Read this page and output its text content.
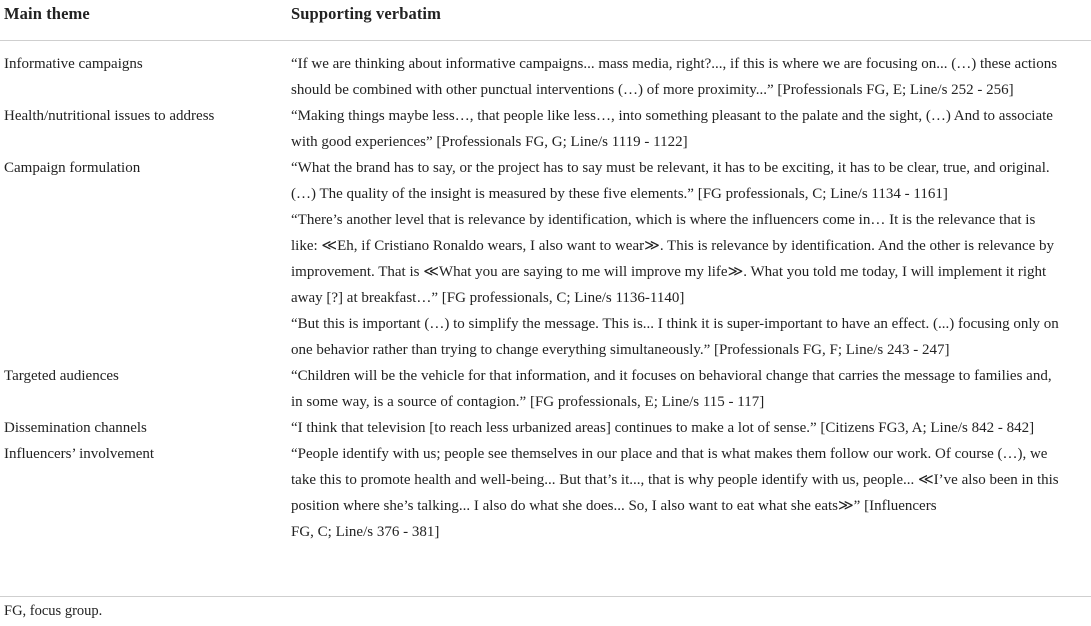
Main theme	Supporting verbatim
Informative campaigns	“If we are thinking about informative campaigns... mass media, right?..., if this is where we are focusing on... (…) these actions
should be combined with other punctual interventions (…) of more proximity...” [Professionals FG, E; Line/s 252 - 256]
Health/nutritional issues to address	“Making things maybe less…, that people like less…, into something pleasant to the palate and the sight, (…) And to associate
with good experiences” [Professionals FG, G; Line/s 1119 - 1122]
Campaign formulation	“What the brand has to say, or the project has to say must be relevant, it has to be exciting, it has to be clear, true, and original.
(…) The quality of the insight is measured by these five elements.” [FG professionals, C; Line/s 1134 - 1161]
“There’s another level that is relevance by identification, which is where the influencers come in… It is the relevance that is
like: ≪Eh, if Cristiano Ronaldo wears, I also want to wear≫. This is relevance by identification. And the other is relevance by
improvement. That is ≪What you are saying to me will improve my life≫. What you told me today, I will implement it right
away [?] at breakfast…” [FG professionals, C; Line/s 1136-1140]
“But this is important (…) to simplify the message. This is... I think it is super-important to have an effect. (...) focusing only on
one behavior rather than trying to change everything simultaneously.” [Professionals FG, F; Line/s 243 - 247]
Targeted audiences	“Children will be the vehicle for that information, and it focuses on behavioral change that carries the message to families and,
in some way, is a source of contagion.” [FG professionals, E; Line/s 115 - 117]
Dissemination channels	“I think that television [to reach less urbanized areas] continues to make a lot of sense.” [Citizens FG3, A; Line/s 842 - 842]
Influencers’ involvement	“People identify with us; people see themselves in our place and that is what makes them follow our work. Of course (…), we
take this to promote health and well-being... But that’s it..., that is why people identify with us, people... ≪I’ve also been in this
position where she’s talking... I also do what she does... So, I also want to eat what she eats≫” [Influencers
FG, C; Line/s 376 - 381]
FG, focus group.
